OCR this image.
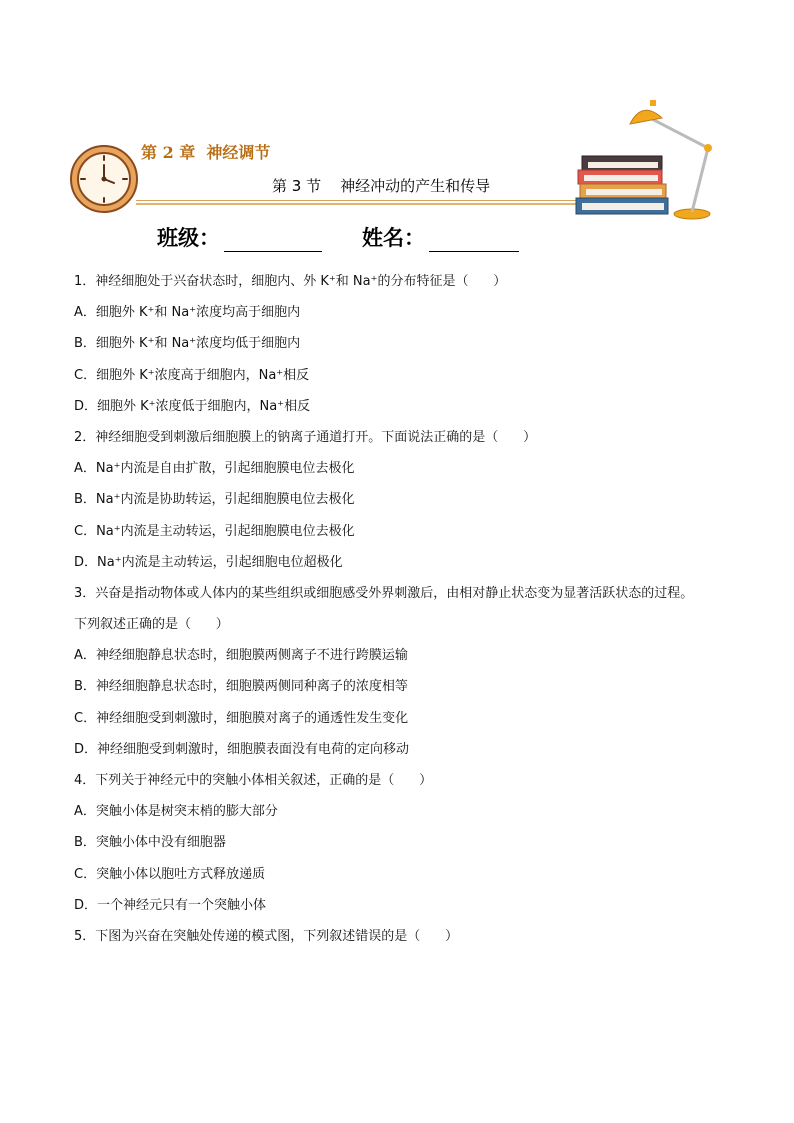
第 2 章  神经调节
第 3 节    神经冲动的产生和传导
班级：	姓名：
1．神经细胞处于兴奋状态时，细胞内、外 K⁺和 Na⁺的分布特征是（      ）
A．细胞外 K⁺和 Na⁺浓度均高于细胞内
B．细胞外 K⁺和 Na⁺浓度均低于细胞内
C．细胞外 K⁺浓度高于细胞内，Na⁺相反
D．细胞外 K⁺浓度低于细胞内，Na⁺相反
2．神经细胞受到刺激后细胞膜上的钠离子通道打开。下面说法正确的是（      ）
A．Na⁺内流是自由扩散，引起细胞膜电位去极化
B．Na⁺内流是协助转运，引起细胞膜电位去极化
C．Na⁺内流是主动转运，引起细胞膜电位去极化
D．Na⁺内流是主动转运，引起细胞电位超极化
3．兴奋是指动物体或人体内的某些组织或细胞感受外界刺激后，由相对静止状态变为显著活跃状态的过程。
下列叙述正确的是（      ）
A．神经细胞静息状态时，细胞膜两侧离子不进行跨膜运输
B．神经细胞静息状态时，细胞膜两侧同种离子的浓度相等
C．神经细胞受到刺激时，细胞膜对离子的通透性发生变化
D．神经细胞受到刺激时，细胞膜表面没有电荷的定向移动
4．下列关于神经元中的突触小体相关叙述，正确的是（      ）
A．突触小体是树突末梢的膨大部分
B．突触小体中没有细胞器
C．突触小体以胞吐方式释放递质
D．一个神经元只有一个突触小体
5．下图为兴奋在突触处传递的模式图，下列叙述错误的是（      ）
